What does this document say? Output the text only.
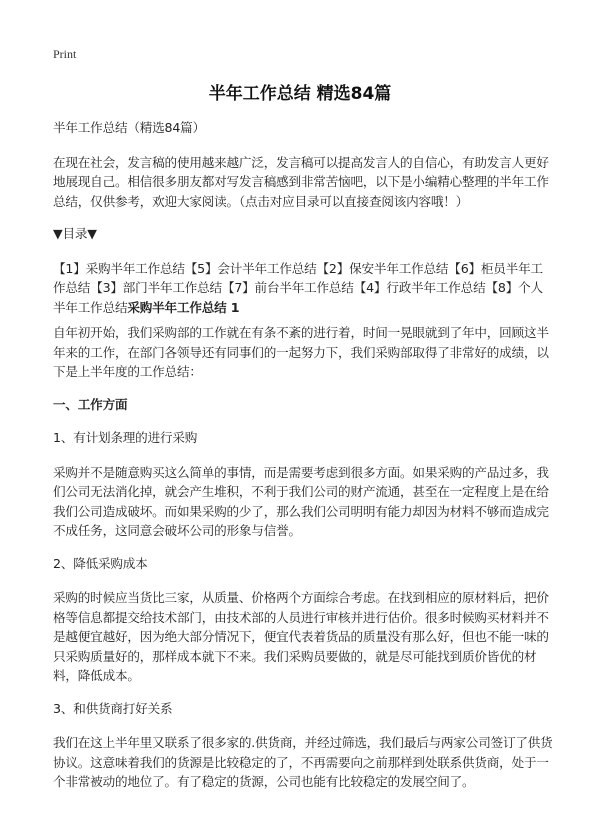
Print
半年工作总结 精选84篇

半年工作总结（精选84篇）

在现在社会，发言稿的使用越来越广泛，发言稿可以提高发言人的自信心，有助发言人更好地展现自己。相信很多朋友都对写发言稿感到非常苦恼吧，以下是小编精心整理的半年工作总结，仅供参考，欢迎大家阅读。（点击对应目录可以直接查阅该内容哦！）

▼目录▼

【1】采购半年工作总结【5】会计半年工作总结【2】保安半年工作总结【6】柜员半年工作总结【3】部门半年工作总结【7】前台半年工作总结【4】行政半年工作总结【8】个人半年工作总结采购半年工作总结 1

自年初开始，我们采购部的工作就在有条不紊的进行着，时间一晃眼就到了年中，回顾这半年来的工作，在部门各领导还有同事们的一起努力下，我们采购部取得了非常好的成绩，以下是上半年度的工作总结：

一、工作方面

1、有计划条理的进行采购

采购并不是随意购买这么简单的事情，而是需要考虑到很多方面。如果采购的产品过多，我们公司无法消化掉，就会产生堆积，不利于我们公司的财产流通，甚至在一定程度上是在给我们公司造成破坏。而如果采购的少了，那么我们公司明明有能力却因为材料不够而造成完不成任务，这同意会破坏公司的形象与信誉。

2、降低采购成本

采购的时候应当货比三家，从质量、价格两个方面综合考虑。在找到相应的原材料后，把价格等信息都提交给技术部门，由技术部的人员进行审核并进行估价。很多时候购买材料并不是越便宜越好，因为绝大部分情况下，便宜代表着货品的质量没有那么好，但也不能一味的只采购质量好的，那样成本就下不来。我们采购员要做的，就是尽可能找到质价皆优的材料，降低成本。

3、和供货商打好关系

我们在这上半年里又联系了很多家的.供货商，并经过筛选，我们最后与两家公司签订了供货协议。这意味着我们的货源是比较稳定的了，不再需要向之前那样到处联系供货商，处于一个非常被动的地位了。有了稳定的货源，公司也能有比较稳定的发展空间了。
